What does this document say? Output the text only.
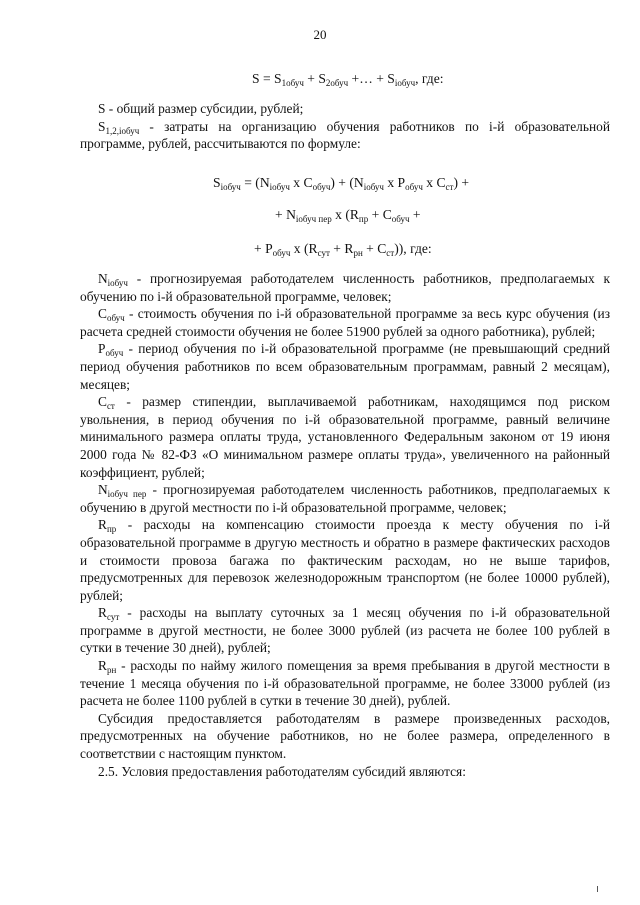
20
$S = S_{1обуч} + S_{2обуч}$ +… + $S_{iобуч}$, где:

S - общий размер субсидии, рублей;

$S_{1,2,iобуч}$ - затраты на организацию обучения работников по i-й образовательной программе, рублей, рассчитываются по формуле:

$S_{iобуч} = (N_{iобуч}$ х $C_{обуч}) + (N_{iобуч}$ х $P_{обуч}$ х $C_{ст}$) +
+ $N_{iобуч пер}$ х ($R_{пр} + C_{обуч}$ +
+ $P_{обуч}$ х $(R_{сут} + R_{рн} + C_{ст})$), где:

$N_{iобуч}$ - прогнозируемая работодателем численность работников, предполагаемых к обучению по i-й образовательной программе, человек;

$C_{обуч}$ - стоимость обучения по i-й образовательной программе за весь курс обучения (из расчета средней стоимости обучения не более 51900 рублей за одного работника), рублей;

$P_{обуч}$ - период обучения по i-й образовательной программе (не превышающий средний период обучения работников по всем образовательным программам, равный 2 месяцам), месяцев;

$C_{ст}$ - размер стипендии, выплачиваемой работникам, находящимся под риском увольнения, в период обучения по i-й образовательной программе, равный величине минимального размера оплаты труда, установленного Федеральным законом от 19 июня 2000 года № 82-ФЗ «О минимальном размере оплаты труда», увеличенного на районный коэффициент, рублей;

$N_{iобуч пер}$ - прогнозируемая работодателем численность работников, предполагаемых к обучению в другой местности по i-й образовательной программе, человек;

$R_{пр}$ - расходы на компенсацию стоимости проезда к месту обучения по i-й образовательной программе в другую местность и обратно в размере фактических расходов и стоимости провоза багажа по фактическим расходам, но не выше тарифов, предусмотренных для перевозок железнодорожным транспортом (не более 10000 рублей), рублей;

$R_{сут}$ - расходы на выплату суточных за 1 месяц обучения по i-й образовательной программе в другой местности, не более 3000 рублей (из расчета не более 100 рублей в сутки в течение 30 дней), рублей;

$R_{рн}$ - расходы по найму жилого помещения за время пребывания в другой местности в течение 1 месяца обучения по i-й образовательной программе, не более 33000 рублей (из расчета не более 1100 рублей в сутки в течение 30 дней), рублей.

Субсидия предоставляется работодателям в размере произведенных расходов, предусмотренных на обучение работников, но не более размера, определенного в соответствии с настоящим пунктом.

2.5. Условия предоставления работодателям субсидий являются:
